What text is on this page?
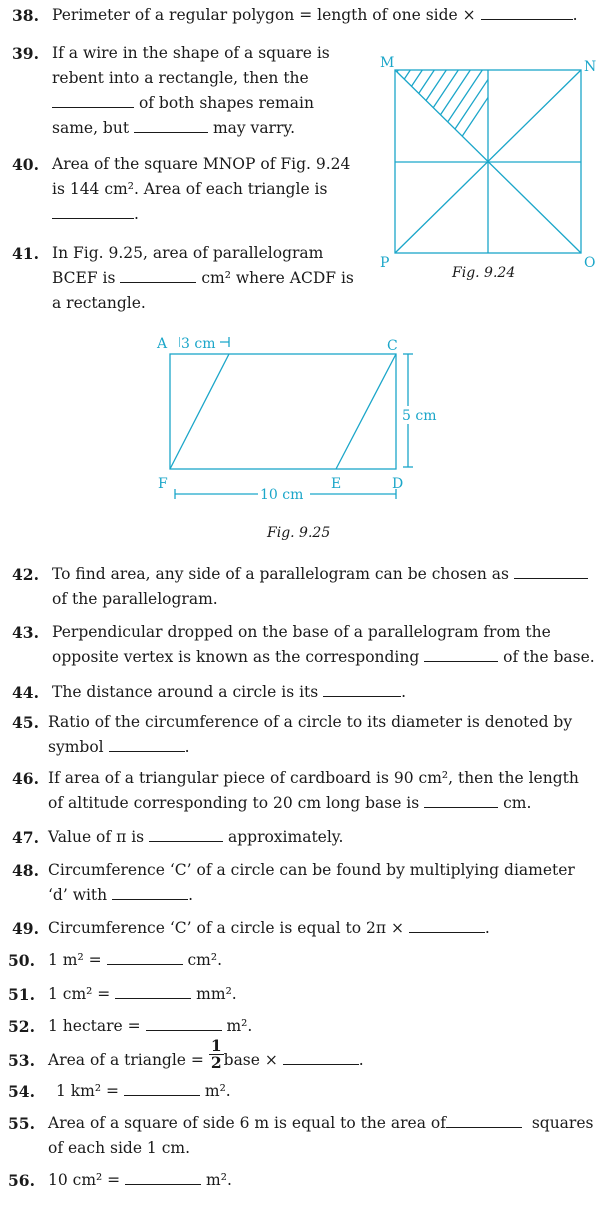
38. Perimeter of a regular polygon = length of one side ×	.
39. If a wire in the shape of a square is
rebent into a rectangle, then the
of both shapes remain
same, but	may varry.
40. Area of the square MNOP of Fig. 9.24
is 144 cm². Area of each triangle is
.
41. In Fig. 9.25, area of parallelogram
BCEF is	cm² where ACDF is
a rectangle.
M	N
O
P
Fig. 9.24
A 3 cm	C
5 cm
F	E	D
10 cm
Fig. 9.25
42. To find area, any side of a parallelogram can be chosen as
of the parallelogram.
43. Perpendicular dropped on the base of a parallelogram from the
opposite vertex is known as the corresponding	of the base.
44. The distance around a circle is its	.
45. Ratio of the circumference of a circle to its diameter is denoted by
symbol	.
46. If area of a triangular piece of cardboard is 90 cm², then the length
of altitude corresponding to 20 cm long base is	cm.
47. Value of π is	approximately.
48. Circumference ‘C’ of a circle can be found by multiplying diameter
‘d’ with	.
49. Circumference ‘C’ of a circle is equal to 2π ×	.
50. 1 m² =	cm².
51. 1 cm² =	mm².
52. 1 hectare =	m².
53. Area of a triangle = $\frac{1}{2}$ base ×	.
54. 1 km² =	m².
55. Area of a square of side 6 m is equal to the area of	squares
of each side 1 cm.
56. 10 cm² =	m².
